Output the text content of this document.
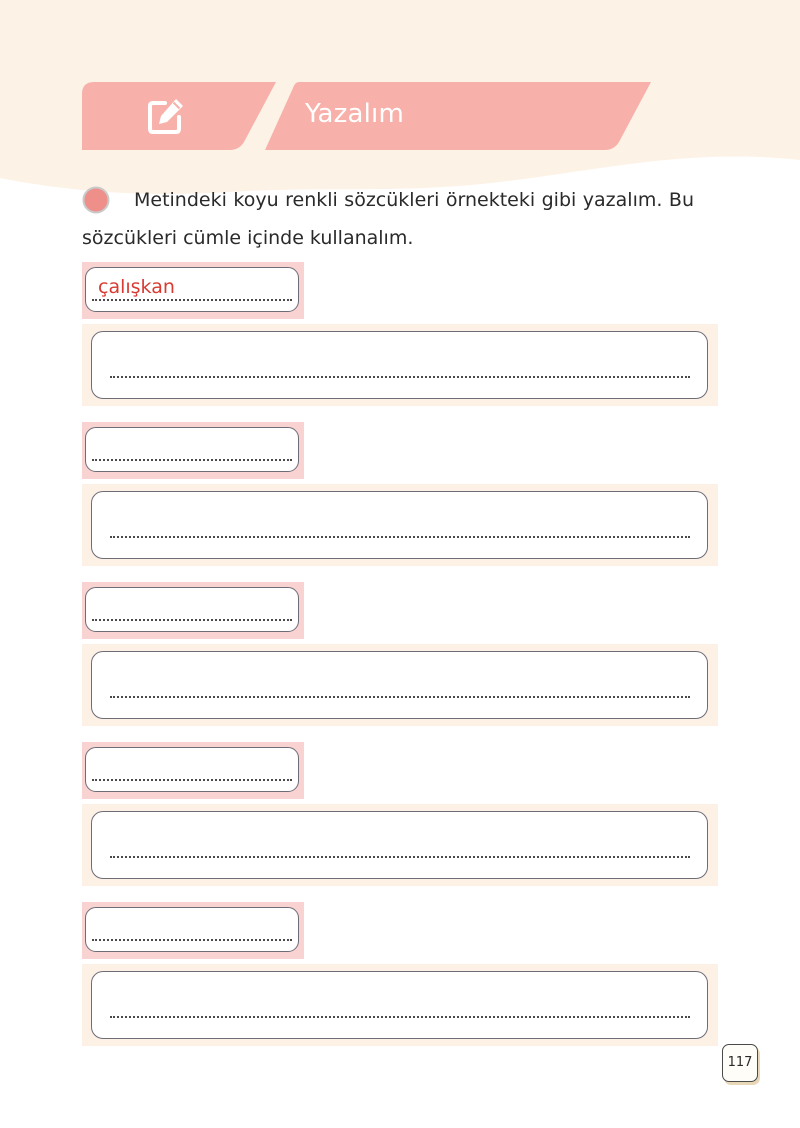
Yazalım
Metindeki koyu renkli sözcükleri örnekteki gibi yazalım. Bu sözcükleri cümle içinde kullanalım.
çalışkan
117
